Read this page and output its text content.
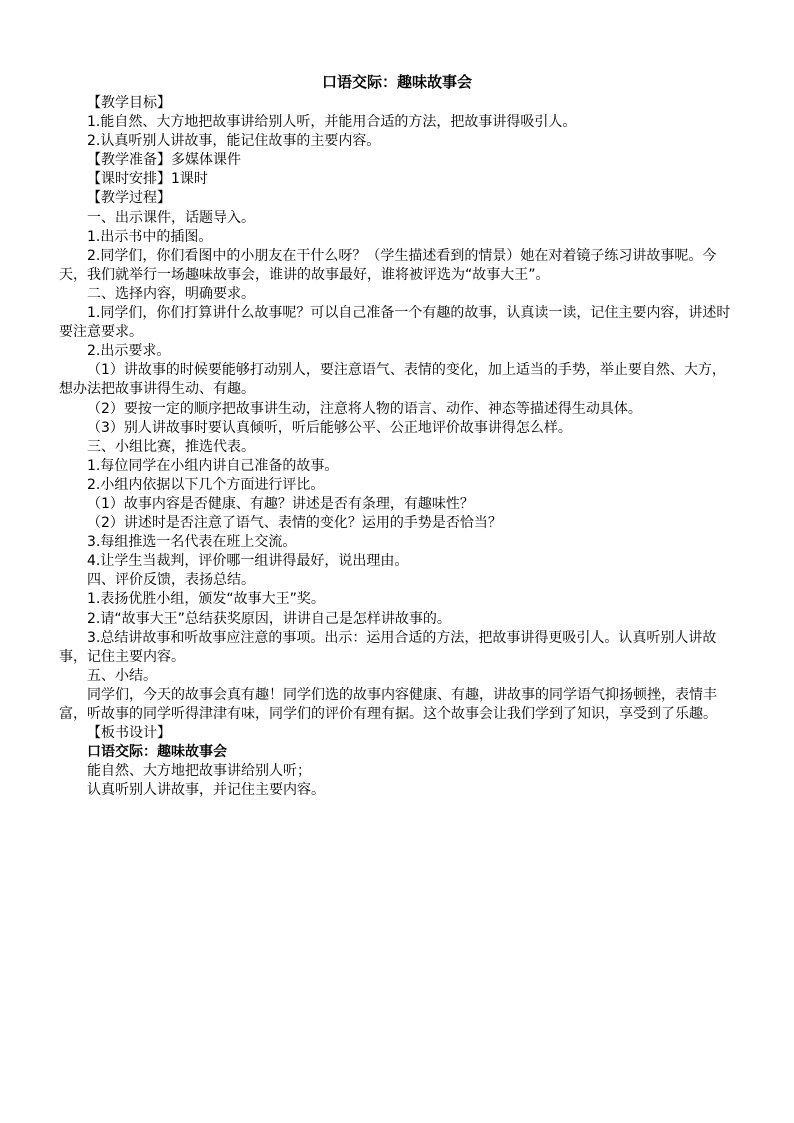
口语交际：趣味故事会

【教学目标】

1.能自然、大方地把故事讲给别人听，并能用合适的方法，把故事讲得吸引人。

2.认真听别人讲故事，能记住故事的主要内容。

【教学准备】多媒体课件

【课时安排】1课时

【教学过程】

一、出示课件，话题导入。

1.出示书中的插图。

2.同学们，你们看图中的小朋友在干什么呀？（学生描述看到的情景）她在对着镜子练习讲故事呢。今天，我们就举行一场趣味故事会，谁讲的故事最好，谁将被评选为“故事大王”。

二、选择内容，明确要求。

1.同学们，你们打算讲什么故事呢？可以自己准备一个有趣的故事，认真读一读，记住主要内容，讲述时要注意要求。

2.出示要求。

（1）讲故事的时候要能够打动别人，要注意语气、表情的变化，加上适当的手势，举止要自然、大方，想办法把故事讲得生动、有趣。

（2）要按一定的顺序把故事讲生动，注意将人物的语言、动作、神态等描述得生动具体。

（3）别人讲故事时要认真倾听，听后能够公平、公正地评价故事讲得怎么样。

三、小组比赛，推选代表。

1.每位同学在小组内讲自己准备的故事。

2.小组内依据以下几个方面进行评比。

（1）故事内容是否健康、有趣？讲述是否有条理，有趣味性？

（2）讲述时是否注意了语气、表情的变化？运用的手势是否恰当？

3.每组推选一名代表在班上交流。

4.让学生当裁判，评价哪一组讲得最好，说出理由。

四、评价反馈，表扬总结。

1.表扬优胜小组，颁发“故事大王”奖。

2.请“故事大王”总结获奖原因，讲讲自己是怎样讲故事的。

3.总结讲故事和听故事应注意的事项。出示：运用合适的方法，把故事讲得更吸引人。认真听别人讲故事，记住主要内容。

五、小结。

同学们，今天的故事会真有趣！同学们选的故事内容健康、有趣，讲故事的同学语气抑扬顿挫，表情丰富，听故事的同学听得津津有味，同学们的评价有理有据。这个故事会让我们学到了知识，享受到了乐趣。

【板书设计】

口语交际：趣味故事会

能自然、大方地把故事讲给别人听；

认真听别人讲故事，并记住主要内容。
